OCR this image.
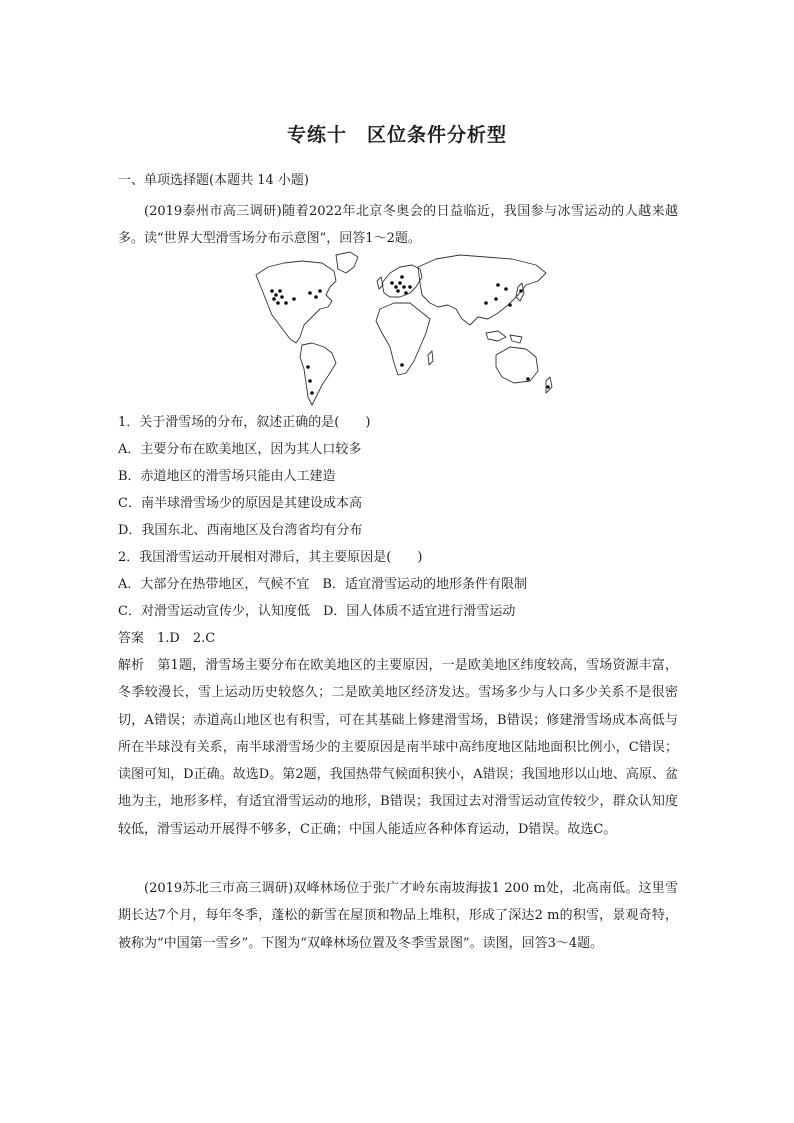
专练十　区位条件分析型
一、单项选择题(本题共 14 小题)
(2019泰州市高三调研)随着2022年北京冬奥会的日益临近，我国参与冰雪运动的人越来越多。读“世界大型滑雪场分布示意图”，回答1～2题。
1．关于滑雪场的分布，叙述正确的是(　　)
A．主要分布在欧美地区，因为其人口较多
B．赤道地区的滑雪场只能由人工建造
C．南半球滑雪场少的原因是其建设成本高
D．我国东北、西南地区及台湾省均有分布
2．我国滑雪运动开展相对滞后，其主要原因是(　　)
A．大部分在热带地区，气候不宜　B．适宜滑雪运动的地形条件有限制
C．对滑雪运动宣传少，认知度低　D．国人体质不适宜进行滑雪运动
答案　1.D　2.C
解析　第1题，滑雪场主要分布在欧美地区的主要原因，一是欧美地区纬度较高，雪场资源丰富，冬季较漫长，雪上运动历史较悠久；二是欧美地区经济发达。雪场多少与人口多少关系不是很密切，A错误；赤道高山地区也有积雪，可在其基础上修建滑雪场，B错误；修建滑雪场成本高低与所在半球没有关系，南半球滑雪场少的主要原因是南半球中高纬度地区陆地面积比例小，C错误；读图可知，D正确。故选D。第2题，我国热带气候面积狭小，A错误；我国地形以山地、高原、盆地为主，地形多样，有适宜滑雪运动的地形，B错误；我国过去对滑雪运动宣传较少，群众认知度较低，滑雪运动开展得不够多，C正确；中国人能适应各种体育运动，D错误。故选C。
(2019苏北三市高三调研)双峰林场位于张广才岭东南坡海拔1 200 m处，北高南低。这里雪期长达7个月，每年冬季，蓬松的新雪在屋顶和物品上堆积，形成了深达2 m的积雪，景观奇特，被称为“中国第一雪乡”。下图为“双峰林场位置及冬季雪景图”。读图，回答3～4题。
